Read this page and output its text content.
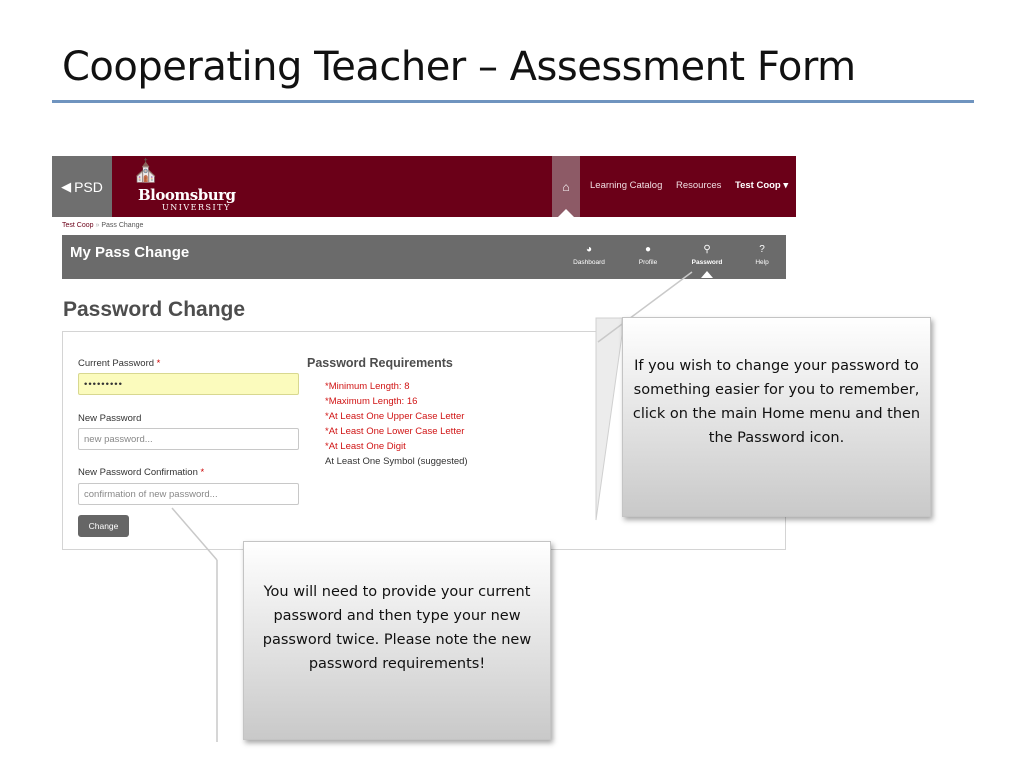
Cooperating Teacher – Assessment Form
◀ PSD
⛪
Bloomsburg
UNIVERSITY
⌂ Learning Catalog Resources Test Coop ▾
Test Coop » Pass Change
My Pass Change	◕
Dashboard
●
Profile
⚲
Password
?
Help
Password Change
Current Password *
•••••••••
New Password
new password...
New Password Confirmation *
confirmation of new password...
Change
Password Requirements
*Minimum Length: 8
*Maximum Length: 16
*At Least One Upper Case Letter
*At Least One Lower Case Letter
*At Least One Digit
At Least One Symbol (suggested)
If you wish to change your password to something easier for you to remember, click on the main Home menu and then the Password icon.
You will need to provide your current password and then type your new password twice. Please note the new password requirements!
